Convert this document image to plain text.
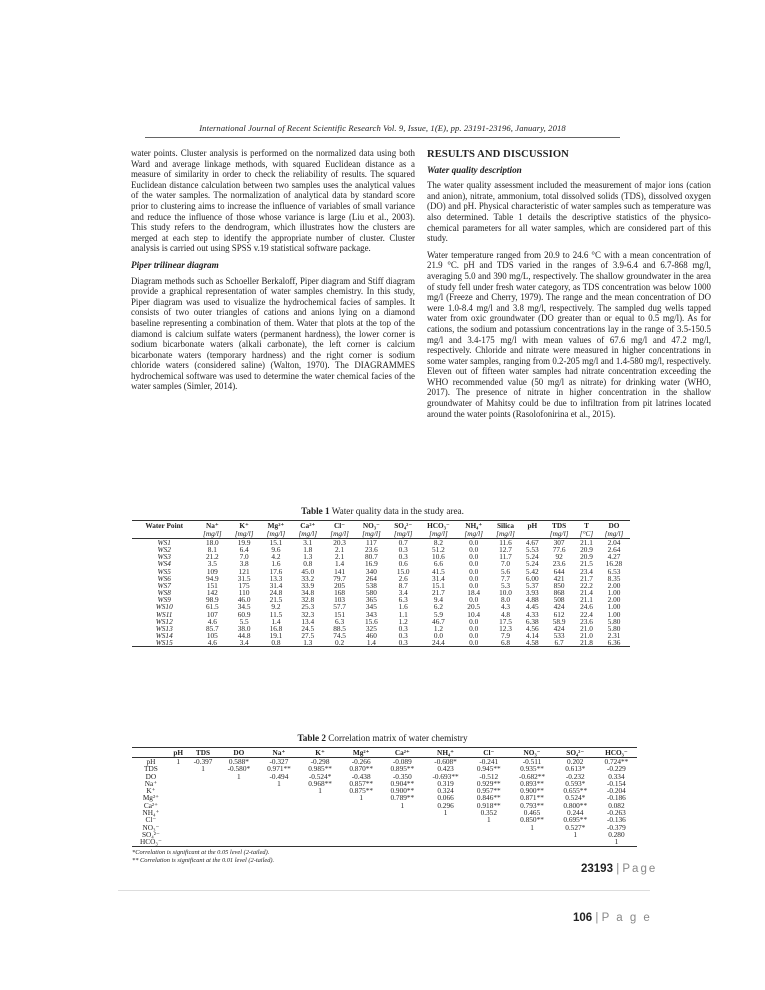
International Journal of Recent Scientific Research Vol. 9, Issue, 1(E), pp. 23191-23196, January, 2018

water points. Cluster analysis is performed on the normalized data using both Ward and average linkage methods, with squared Euclidean distance as a measure of similarity in order to check the reliability of results. The squared Euclidean distance calculation between two samples uses the analytical values of the water samples. The normalization of analytical data by standard score prior to clustering aims to increase the influence of variables of small variance and reduce the influence of those whose variance is large (Liu et al., 2003). This study refers to the dendrogram, which illustrates how the clusters are merged at each step to identify the appropriate number of cluster. Cluster analysis is carried out using SPSS v.19 statistical software package.

Piper trilinear diagram

Diagram methods such as Schoeller Berkaloff, Piper diagram and Stiff diagram provide a graphical representation of water samples chemistry. In this study, Piper diagram was used to visualize the hydrochemical facies of samples. It consists of two outer triangles of cations and anions lying on a diamond baseline representing a combination of them. Water that plots at the top of the diamond is calcium sulfate waters (permanent hardness), the lower corner is sodium bicarbonate waters (alkali carbonate), the left corner is calcium bicarbonate waters (temporary hardness) and the right corner is sodium chloride waters (considered saline) (Walton, 1970). The DIAGRAMMES hydrochemical software was used to determine the water chemical facies of the water samples (Simler, 2014).

RESULTS AND DISCUSSION
Water quality description

The water quality assessment included the measurement of major ions (cation and anion), nitrate, ammonium, total dissolved solids (TDS), dissolved oxygen (DO) and pH. Physical characteristic of water samples such as temperature was also determined. Table 1 details the descriptive statistics of the physico-chemical parameters for all water samples, which are considered part of this study.

Water temperature ranged from 20.9 to 24.6 °C with a mean concentration of 21.9 °C. pH and TDS varied in the ranges of 3.9-6.4 and 6.7-868 mg/l, averaging 5.0 and 390 mg/L, respectively. The shallow groundwater in the area of study fell under fresh water category, as TDS concentration was below 1000 mg/l (Freeze and Cherry, 1979). The range and the mean concentration of DO were 1.0-8.4 mg/l and 3.8 mg/l, respectively. The sampled dug wells tapped water from oxic groundwater (DO greater than or equal to 0.5 mg/l). As for cations, the sodium and potassium concentrations lay in the range of 3.5-150.5 mg/l and 3.4-175 mg/l with mean values of 67.6 mg/l and 47.2 mg/l, respectively. Chloride and nitrate were measured in higher concentrations in some water samples, ranging from 0.2-205 mg/l and 1.4-580 mg/l, respectively. Eleven out of fifteen water samples had nitrate concentration exceeding the WHO recommended value (50 mg/l as nitrate) for drinking water (WHO, 2017). The presence of nitrate in higher concentration in the shallow groundwater of Mahitsy could be due to infiltration from pit latrines located around the water points (Rasolofonirina et al., 2015).

Table 1 Water quality data in the study area.
Water Point	Na⁺	K⁺	Mg²⁺	Ca²⁺	Cl⁻	NO₃⁻	SO₄²⁻	HCO₃⁻	NH₄⁺	Silica	pH	TDS	T	DO
	[mg/l]	[mg/l]	[mg/l]	[mg/l]	[mg/l]	[mg/l]	[mg/l]	[mg/l]	[mg/l]	[mg/l]		[mg/l]	[°C]	[mg/l]
WS1	18.0	19.9	15.1	3.1	20.3	117	0.7	8.2	0.0	11.6	4.67	307	21.1	2.04
WS2	8.1	6.4	9.6	1.8	2.1	23.6	0.3	51.2	0.0	12.7	5.53	77.6	20.9	2.64
WS3	21.2	7.0	4.2	1.3	2.1	80.7	0.3	10.6	0.0	11.7	5.24	92	20.9	4.27
WS4	3.5	3.8	1.6	0.8	1.4	16.9	0.6	6.6	0.0	7.0	5.24	23.6	21.5	16.28
WS5	109	121	17.6	45.0	141	340	15.0	41.5	0.0	5.6	5.42	644	23.4	6.53
WS6	94.9	31.5	13.3	33.2	79.7	264	2.6	31.4	0.0	7.7	6.00	421	21.7	8.35
WS7	151	175	31.4	33.9	205	538	8.7	15.1	0.0	5.3	5.37	850	22.2	2.00
WS8	142	110	24.8	34.8	168	580	3.4	21.7	18.4	10.0	3.93	868	21.4	1.00
WS9	98.9	46.0	21.5	32.8	103	365	6.3	9.4	0.0	8.0	4.88	508	21.1	2.00
WS10	61.5	34.5	9.2	25.3	57.7	345	1.6	6.2	20.5	4.3	4.45	424	24.6	1.00
WS11	107	60.9	11.5	32.3	151	343	1.1	5.9	10.4	4.8	4.33	612	22.4	1.00
WS12	4.6	5.5	1.4	13.4	6.3	15.6	1.2	46.7	0.0	17.5	6.38	58.9	23.6	5.80
WS13	85.7	38.0	16.8	24.5	88.5	325	0.3	1.2	0.0	12.3	4.56	424	21.0	5.80
WS14	105	44.8	19.1	27.5	74.5	460	0.3	0.0	0.0	7.9	4.14	533	21.0	2.31
WS15	4.6	3.4	0.8	1.3	0.2	1.4	0.3	24.4	0.0	6.8	4.58	6.7	21.8	6.36
Table 2 Correlation matrix of water chemistry
	pH	TDS	DO	Na⁺	K⁺	Mg²⁺	Ca²⁺	NH₄⁺	Cl⁻	NO₃⁻	SO₄²⁻	HCO₃⁻
pH	1	-0.397	0.588*	-0.327	-0.298	-0.266	-0.089	-0.608*	-0.241	-0.511	0.202	0.724**
TDS		1	-0.580*	0.971**	0.985**	0.870**	0.895**	0.423	0.945**	0.935**	0.613*	-0.229
DO			1	-0.494	-0.524*	-0.438	-0.350	-0.693**	-0.512	-0.682**	-0.232	0.334
Na⁺				1	0.968**	0.857**	0.904**	0.319	0.929**	0.893**	0.593*	-0.154
K⁺					1	0.875**	0.900**	0.324	0.957**	0.900**	0.655**	-0.204
Mg²⁺						1	0.789**	0.066	0.846**	0.871**	0.524*	-0.186
Ca²⁺							1	0.296	0.918**	0.793**	0.800**	0.082
NH₄⁺								1	0.352	0.465	0.244	-0.263
Cl⁻									1	0.850**	0.695**	-0.136
NO₃⁻										1	0.527*	-0.379
SO₄²⁻											1	0.280
HCO₃⁻												1
*Correlation is significant at the 0.05 level (2-tailed).
** Correlation is significant at the 0.01 level (2-tailed).
23193 | Page
106 | P a g e
